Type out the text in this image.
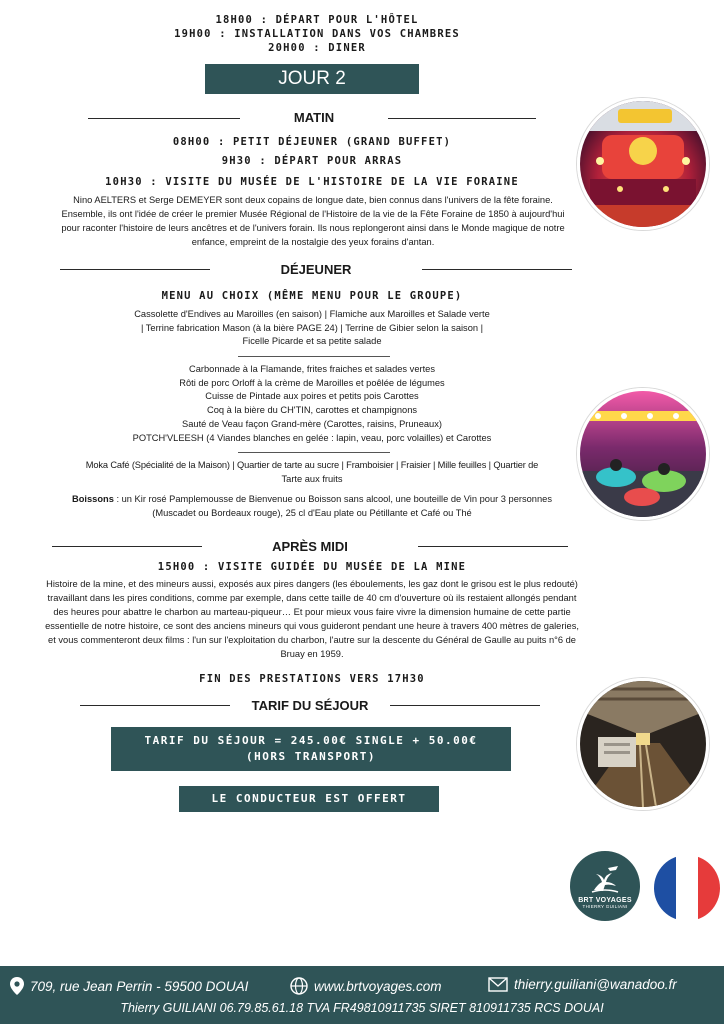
18H00 : DÉPART POUR L'HÔTEL
19H00 : INSTALLATION DANS VOS CHAMBRES
20H00 : DINER
JOUR 2
MATIN
08H00 : PETIT DÉJEUNER (GRAND BUFFET)
9H30 : DÉPART POUR ARRAS
10H30 : VISITE DU MUSÉE DE L'HISTOIRE DE LA VIE FORAINE
Nino AELTERS et Serge DEMEYER sont deux copains de longue date, bien connus dans l'univers de la fête foraine. Ensemble, ils ont l'idée de créer le premier Musée Régional de l'Histoire de la vie de la Fête Foraine de 1850 à aujourd'hui pour raconter l'histoire de leurs ancêtres et de l'univers forain. Ils nous replongeront ainsi dans le Monde magique de notre enfance, empreint de la nostalgie des yeux forains d'antan.
DÉJEUNER
MENU AU CHOIX (MÊME MENU POUR LE GROUPE)
Cassolette d'Endives au Maroilles (en saison) | Flamiche aux Maroilles et Salade verte
| Terrine fabrication Mason (à la bière PAGE 24) | Terrine de Gibier selon la saison |
Ficelle Picarde et sa petite salade
Carbonnade à la Flamande, frites fraiches et salades vertes
Rôti de porc Orloff à la crème de Maroilles et poêlée de légumes
Cuisse de Pintade aux poires et petits pois Carottes
Coq à la bière du CH'TIN, carottes et champignons
Sauté de Veau façon Grand-mère (Carottes, raisins, Pruneaux)
POTCH'VLEESH (4 Viandes blanches en gelée : lapin, veau, porc volailles) et Carottes
Moka Café (Spécialité de la Maison) | Quartier de tarte au sucre | Framboisier | Fraisier | Mille feuilles | Quartier de
Tarte aux fruits
Boissons : un Kir rosé Pamplemousse de Bienvenue ou Boisson sans alcool, une bouteille de Vin pour 3 personnes (Muscadet ou Bordeaux rouge), 25 cl d'Eau plate ou Pétillante et Café ou Thé
APRÈS MIDI
15H00 : VISITE GUIDÉE DU MUSÉE DE LA MINE
Histoire de la mine, et des mineurs aussi, exposés aux pires dangers (les éboulements, les gaz dont le grisou est le plus redouté) travaillant dans les pires conditions, comme par exemple, dans cette taille de 40 cm d'ouverture où ils restaient allongés pendant des heures pour abattre le charbon au marteau-piqueur… Et pour mieux vous faire vivre la dimension humaine de cette partie essentielle de notre histoire, ce sont des anciens mineurs qui vous guideront pendant une heure à travers 400 mètres de galeries, et vous commenteront deux films : l'un sur l'exploitation du charbon, l'autre sur la descente du Général de Gaulle au puits n°6 de Bruay en 1959.
FIN DES PRESTATIONS VERS 17H30
TARIF DU SÉJOUR
TARIF DU SÉJOUR = 245.00€ SINGLE + 50.00€
(HORS TRANSPORT)
LE CONDUCTEUR EST OFFERT
BRT VOYAGES
THIERRY GUILIANI
709, rue Jean Perrin - 59500 DOUAI	www.brtvoyages.com	thierry.guiliani@wanadoo.fr
Thierry GUILIANI 06.79.85.61.18 TVA FR49810911735 SIRET 810911735 RCS DOUAI
